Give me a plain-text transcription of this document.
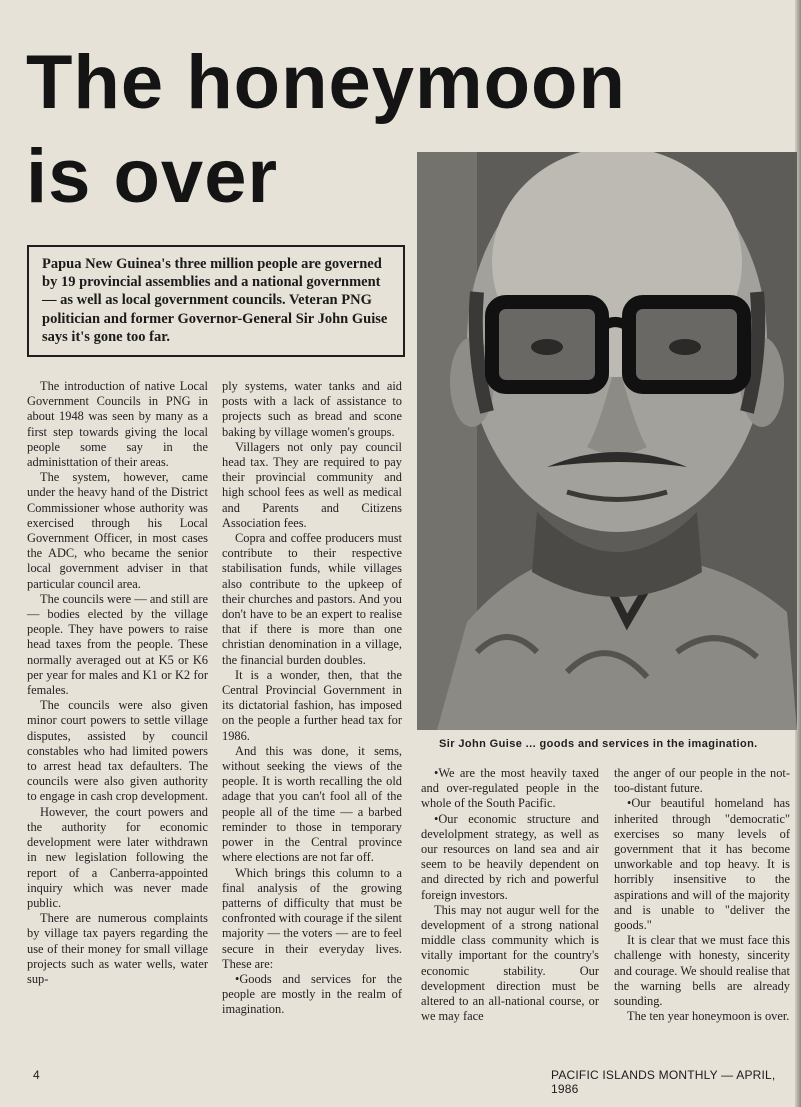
The honeymoon is over
Papua New Guinea's three million people are governed by 19 provincial assemblies and a national government — as well as local government councils. Veteran PNG politician and former Governor-General Sir John Guise says it's gone too far.
Sir John Guise ... goods and services in the imagination.

The introduction of native Local Government Councils in PNG in about 1948 was seen by many as a first step towards giving the local people some say in the administtation of their areas.

The system, however, came under the heavy hand of the District Commissioner whose authority was exercised through his Local Government Officer, in most cases the ADC, who became the senior local government adviser in that particular council area.

The councils were — and still are — bodies elected by the village people. They have powers to raise head taxes from the people. These normally averaged out at K5 or K6 per year for males and K1 or K2 for females.

The councils were also given minor court powers to settle village disputes, assisted by council constables who had limited powers to arrest head tax defaulters. The councils were also given authority to engage in cash crop development.

However, the court powers and the authority for economic development were later withdrawn in new legislation following the report of a Canberra-appointed inquiry which was never made public.

There are numerous complaints by village tax payers regarding the use of their money for small village projects such as water wells, water sup-

ply systems, water tanks and aid posts with a lack of assistance to projects such as bread and scone baking by village women's groups.

Villagers not only pay council head tax. They are required to pay their provincial community and high school fees as well as medical and Parents and Citizens Association fees.

Copra and coffee producers must contribute to their respective stabilisation funds, while villages also contribute to the upkeep of their churches and pastors. And you don't have to be an expert to realise that if there is more than one christian denomination in a village, the financial burden doubles.

It is a wonder, then, that the Central Provincial Government in its dictatorial fashion, has imposed on the people a further head tax for 1986.

And this was done, it sems, without seeking the views of the people. It is worth recalling the old adage that you can't fool all of the people all of the time — a barbed reminder to those in temporary power in the Central province where elections are not far off.

Which brings this column to a final analysis of the growing patterns of difficulty that must be confronted with courage if the silent majority — the voters — are to feel secure in their everyday lives. These are:

•Goods and services for the people are mostly in the realm of imagination.

•We are the most heavily taxed and over-regulated people in the whole of the South Pacific.

•Our economic structure and develolpment strategy, as well as our resources on land sea and air seem to be heavily dependent on and directed by rich and powerful foreign investors.

This may not augur well for the development of a strong national middle class community which is vitally important for the country's economic stability. Our development direction must be altered to an all-national course, or we may face

the anger of our people in the not-too-distant future.

•Our beautiful homeland has inherited through "democratic" exercises so many levels of government that it has become unworkable and top heavy. It is horribly insensitive to the aspirations and will of the majority and is unable to "deliver the goods."

It is clear that we must face this challenge with honesty, sincerity and courage. We should realise that the warning bells are already sounding.

The ten year honeymoon is over.

4	PACIFIC ISLANDS MONTHLY — APRIL, 1986
